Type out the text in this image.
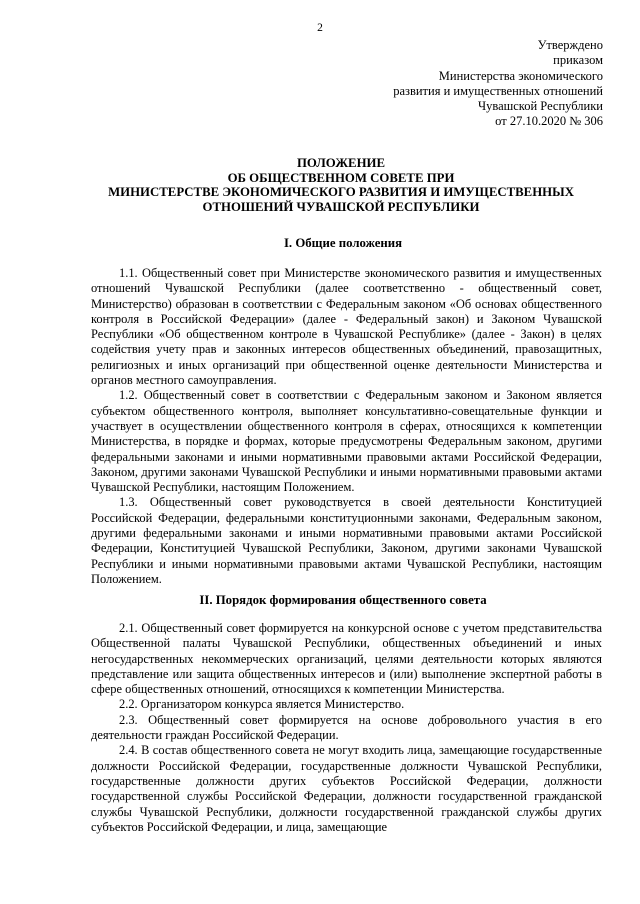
2
Утверждено
приказом
Министерства экономического
развития и имущественных отношений
Чувашской Республики
от 27.10.2020 № 306
ПОЛОЖЕНИЕ
ОБ ОБЩЕСТВЕННОМ СОВЕТЕ ПРИ
МИНИСТЕРСТВЕ ЭКОНОМИЧЕСКОГО РАЗВИТИЯ И ИМУЩЕСТВЕННЫХ
ОТНОШЕНИЙ ЧУВАШСКОЙ РЕСПУБЛИКИ
I. Общие положения

1.1. Общественный совет при Министерстве экономического развития и имущественных отношений Чувашской Республики (далее соответственно - общественный совет, Министерство) образован в соответствии с Федеральным законом «Об основах общественного контроля в Российской Федерации» (далее - Федеральный закон) и Законом Чувашской Республики «Об общественном контроле в Чувашской Республике» (далее - Закон) в целях содействия учету прав и законных интересов общественных объединений, правозащитных, религиозных и иных организаций при общественной оценке деятельности Министерства и органов местного самоуправления.

1.2. Общественный совет в соответствии с Федеральным законом и Законом является субъектом общественного контроля, выполняет консультативно-совещательные функции и участвует в осуществлении общественного контроля в сферах, относящихся к компетенции Министерства, в порядке и формах, которые предусмотрены Федеральным законом, другими федеральными законами и иными нормативными правовыми актами Российской Федерации, Законом, другими законами Чувашской Республики и иными нормативными правовыми актами Чувашской Республики, настоящим Положением.

1.3. Общественный совет руководствуется в своей деятельности Конституцией Российской Федерации, федеральными конституционными законами, Федеральным законом, другими федеральными законами и иными нормативными правовыми актами Российской Федерации, Конституцией Чувашской Республики, Законом, другими законами Чувашской Республики и иными нормативными правовыми актами Чувашской Республики, настоящим Положением.

II. Порядок формирования общественного совета

2.1. Общественный совет формируется на конкурсной основе с учетом представительства Общественной палаты Чувашской Республики, общественных объединений и иных негосударственных некоммерческих организаций, целями деятельности которых являются представление или защита общественных интересов и (или) выполнение экспертной работы в сфере общественных отношений, относящихся к компетенции Министерства.

2.2. Организатором конкурса является Министерство.

2.3. Общественный совет формируется на основе добровольного участия в его деятельности граждан Российской Федерации.

2.4. В состав общественного совета не могут входить лица, замещающие государственные должности Российской Федерации, государственные должности Чувашской Республики, государственные должности других субъектов Российской Федерации, должности государственной службы Российской Федерации, должности государственной гражданской службы Чувашской Республики, должности государственной гражданской службы других субъектов Российской Федерации, и лица, замещающие
